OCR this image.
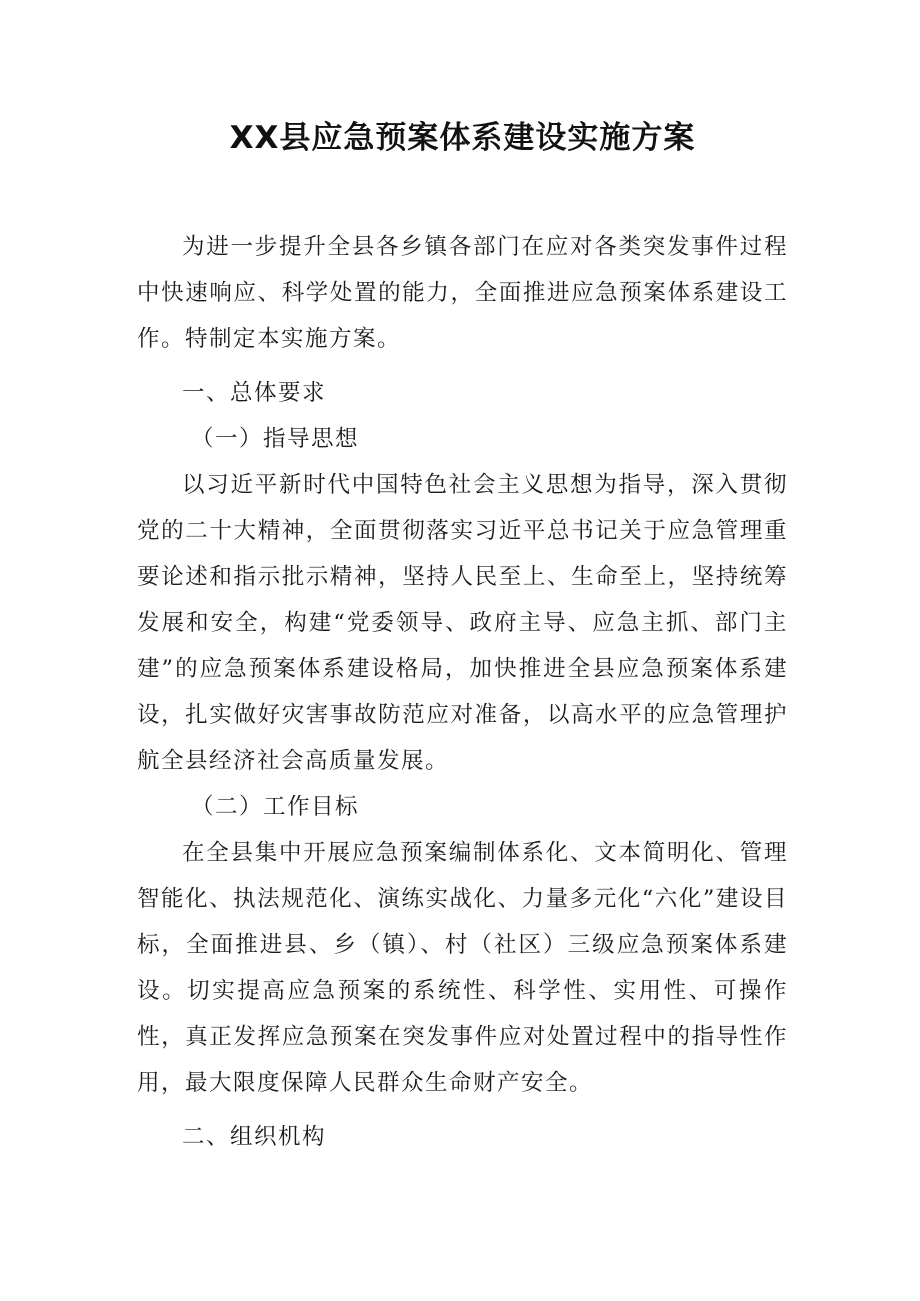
XX县应急预案体系建设实施方案

为进一步提升全县各乡镇各部门在应对各类突发事件过程中快速响应、科学处置的能力，全面推进应急预案体系建设工作。特制定本实施方案。

一、总体要求

（一）指导思想

以习近平新时代中国特色社会主义思想为指导，深入贯彻党的二十大精神，全面贯彻落实习近平总书记关于应急管理重要论述和指示批示精神，坚持人民至上、生命至上，坚持统筹发展和安全，构建“党委领导、政府主导、应急主抓、部门主建”的应急预案体系建设格局，加快推进全县应急预案体系建设，扎实做好灾害事故防范应对准备，以高水平的应急管理护航全县经济社会高质量发展。

（二）工作目标

在全县集中开展应急预案编制体系化、文本简明化、管理智能化、执法规范化、演练实战化、力量多元化“六化”建设目标，全面推进县、乡（镇）、村（社区）三级应急预案体系建设。切实提高应急预案的系统性、科学性、实用性、可操作性，真正发挥应急预案在突发事件应对处置过程中的指导性作用，最大限度保障人民群众生命财产安全。

二、组织机构
